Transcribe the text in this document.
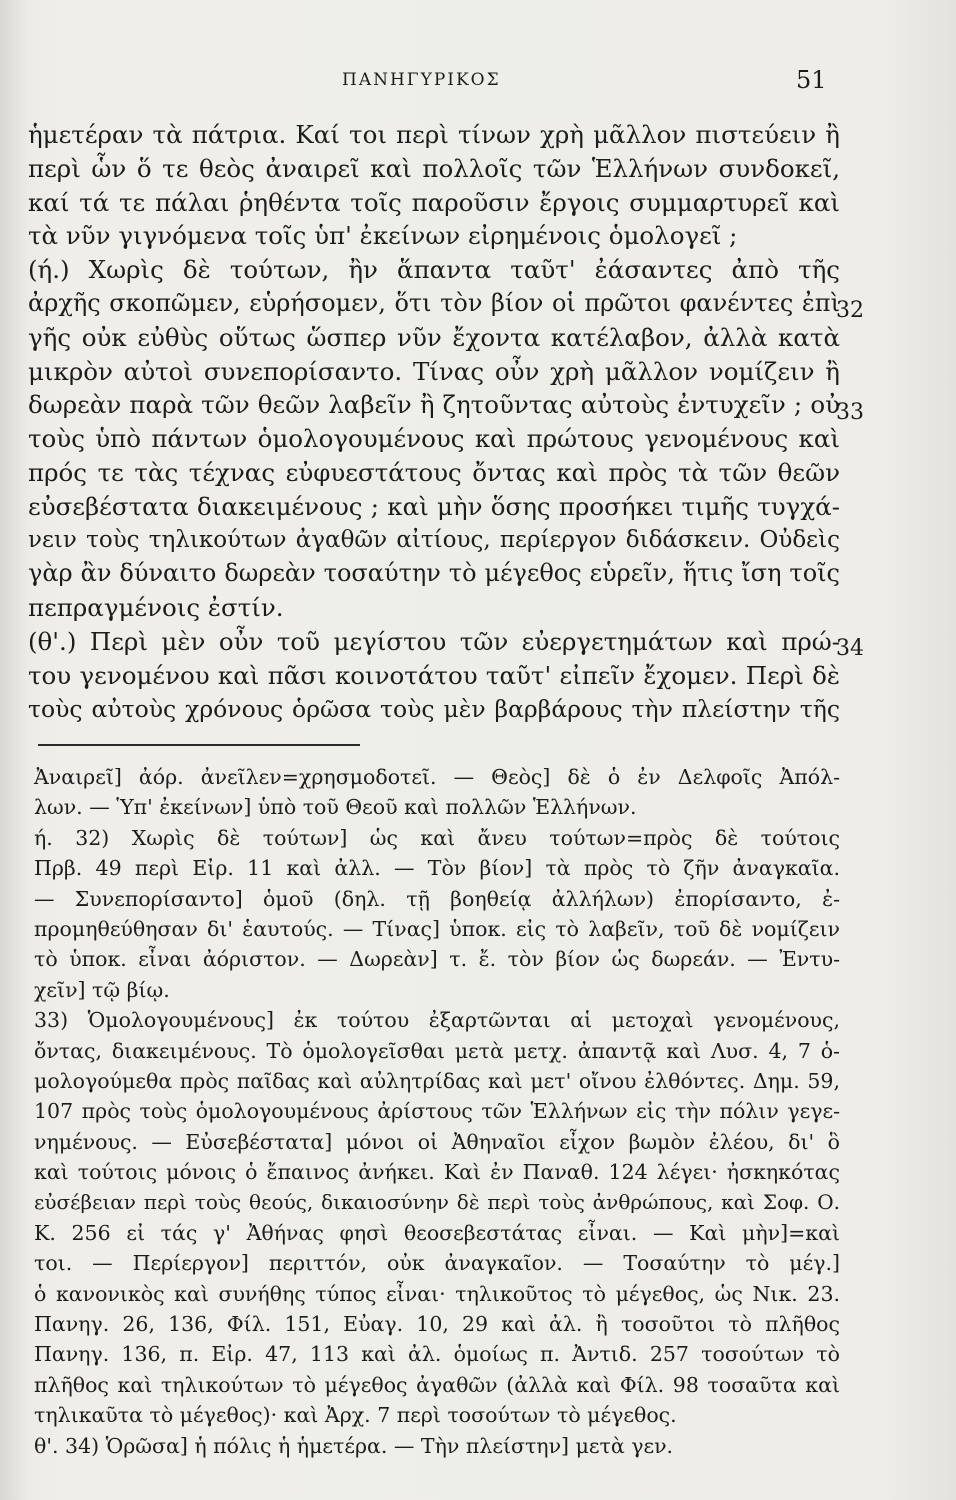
ΠΑΝΗΓΥΡΙΚΟΣ	51
ἡμετέραν τὰ πάτρια. Καί τοι περὶ τίνων χρὴ μᾶλλον πιστεύειν ἢ
περὶ ὧν ὅ τε θεὸς ἀναιρεῖ καὶ πολλοῖς τῶν Ἑλλήνων συνδοκεῖ,
καί τά τε πάλαι ῥηθέντα τοῖς παροῦσιν ἔργοις συμμαρτυρεῖ καὶ
τὰ νῦν γιγνόμενα τοῖς ὑπ' ἐκείνων εἰρημένοις ὁμολογεῖ ;
(ή.) Χωρὶς δὲ τούτων, ἢν ἅπαντα ταῦτ' ἐάσαντες ἀπὸ τῆς
ἀρχῆς σκοπῶμεν, εὑρήσομεν, ὅτι τὸν βίον οἱ πρῶτοι φανέντες ἐπὶ
γῆς οὐκ εὐθὺς οὕτως ὥσπερ νῦν ἔχοντα κατέλαβον, ἀλλὰ κατὰ
μικρὸν αὐτοὶ συνεπορίσαντο. Τίνας οὖν χρὴ μᾶλλον νομίζειν ἢ
δωρεὰν παρὰ τῶν θεῶν λαβεῖν ἢ ζητοῦντας αὐτοὺς ἐντυχεῖν ; οὐ
τοὺς ὑπὸ πάντων ὁμολογουμένους καὶ πρώτους γενομένους καὶ
πρός τε τὰς τέχνας εὐφυεστάτους ὄντας καὶ πρὸς τὰ τῶν θεῶν
εὐσεβέστατα διακειμένους ; καὶ μὴν ὅσης προσήκει τιμῆς τυγχά-
νειν τοὺς τηλικούτων ἀγαθῶν αἰτίους, περίεργον διδάσκειν. Οὐδεὶς
γὰρ ἂν δύναιτο δωρεὰν τοσαύτην τὸ μέγεθος εὑρεῖν, ἥτις ἴση τοῖς
πεπραγμένοις ἐστίν.
(θ'.) Περὶ μὲν οὖν τοῦ μεγίστου τῶν εὐεργετημάτων καὶ πρώ-
του γενομένου καὶ πᾶσι κοινοτάτου ταῦτ' εἰπεῖν ἔχομεν. Περὶ δὲ
τοὺς αὐτοὺς χρόνους ὁρῶσα τοὺς μὲν βαρβάρους τὴν πλείστην τῆς
32
33
34
Ἀναιρεῖ] ἀόρ. ἀνεῖλεν=χρησμοδοτεῖ. — Θεὸς] δὲ ὁ ἐν Δελφοῖς Ἀπόλ-
λων. — Ὑπ' ἐκείνων] ὑπὸ τοῦ Θεοῦ καὶ πολλῶν Ἑλλήνων.
ή. 32) Χωρὶς δὲ τούτων] ὡς καὶ ἄνευ τούτων=πρὸς δὲ τούτοις
Πρβ. 49 περὶ Εἰρ. 11 καὶ ἀλλ. — Τὸν βίον] τὰ πρὸς τὸ ζῆν ἀναγκαῖα.
— Συνεπορίσαντο] ὁμοῦ (δηλ. τῇ βοηθείᾳ ἀλλήλων) ἐπορίσαντο, ἐ-
προμηθεύθησαν δι' ἑαυτούς. — Τίνας] ὑποκ. εἰς τὸ λαβεῖν, τοῦ δὲ νομίζειν
τὸ ὑποκ. εἶναι ἀόριστον. — Δωρεὰν] τ. ἔ. τὸν βίον ὡς δωρεάν. — Ἐντυ-
χεῖν] τῷ βίῳ.
33) Ὁμολογουμένους] ἐκ τούτου ἐξαρτῶνται αἱ μετοχαὶ γενομένους,
ὄντας, διακειμένους. Τὸ ὁμολογεῖσθαι μετὰ μετχ. ἀπαντᾷ καὶ Λυσ. 4, 7 ὁ-
μολογούμεθα πρὸς παῖδας καὶ αὐλητρίδας καὶ μετ' οἴνου ἐλθόντες. Δημ. 59,
107 πρὸς τοὺς ὁμολογουμένους ἀρίστους τῶν Ἑλλήνων εἰς τὴν πόλιν γεγε-
νημένους. — Εὐσεβέστατα] μόνοι οἱ Ἀθηναῖοι εἶχον βωμὸν ἐλέου, δι' ὃ
καὶ τούτοις μόνοις ὁ ἔπαινος ἀνήκει. Καὶ ἐν Παναθ. 124 λέγει· ἠσκηκότας
εὐσέβειαν περὶ τοὺς θεούς, δικαιοσύνην δὲ περὶ τοὺς ἀνθρώπους, καὶ Σοφ. Ο.
Κ. 256 εἰ τάς γ' Ἀθήνας φησὶ θεοσεβεστάτας εἶναι. — Καὶ μὴν]=καὶ
τοι. — Περίεργον] περιττόν, οὐκ ἀναγκαῖον. — Τοσαύτην τὸ μέγ.]
ὁ κανονικὸς καὶ συνήθης τύπος εἶναι· τηλικοῦτος τὸ μέγεθος, ὡς Νικ. 23.
Πανηγ. 26, 136, Φίλ. 151, Εὐαγ. 10, 29 καὶ ἀλ. ἢ τοσοῦτοι τὸ πλῆθος
Πανηγ. 136, π. Εἰρ. 47, 113 καὶ ἀλ. ὁμοίως π. Ἀντιδ. 257 τοσούτων τὸ
πλῆθος καὶ τηλικούτων τὸ μέγεθος ἀγαθῶν (ἀλλὰ καὶ Φίλ. 98 τοσαῦτα καὶ
τηλικαῦτα τὸ μέγεθος)· καὶ Ἀρχ. 7 περὶ τοσούτων τὸ μέγεθος.
θ'. 34) Ὁρῶσα] ἡ πόλις ἡ ἡμετέρα. — Τὴν πλείστην] μετὰ γεν.
